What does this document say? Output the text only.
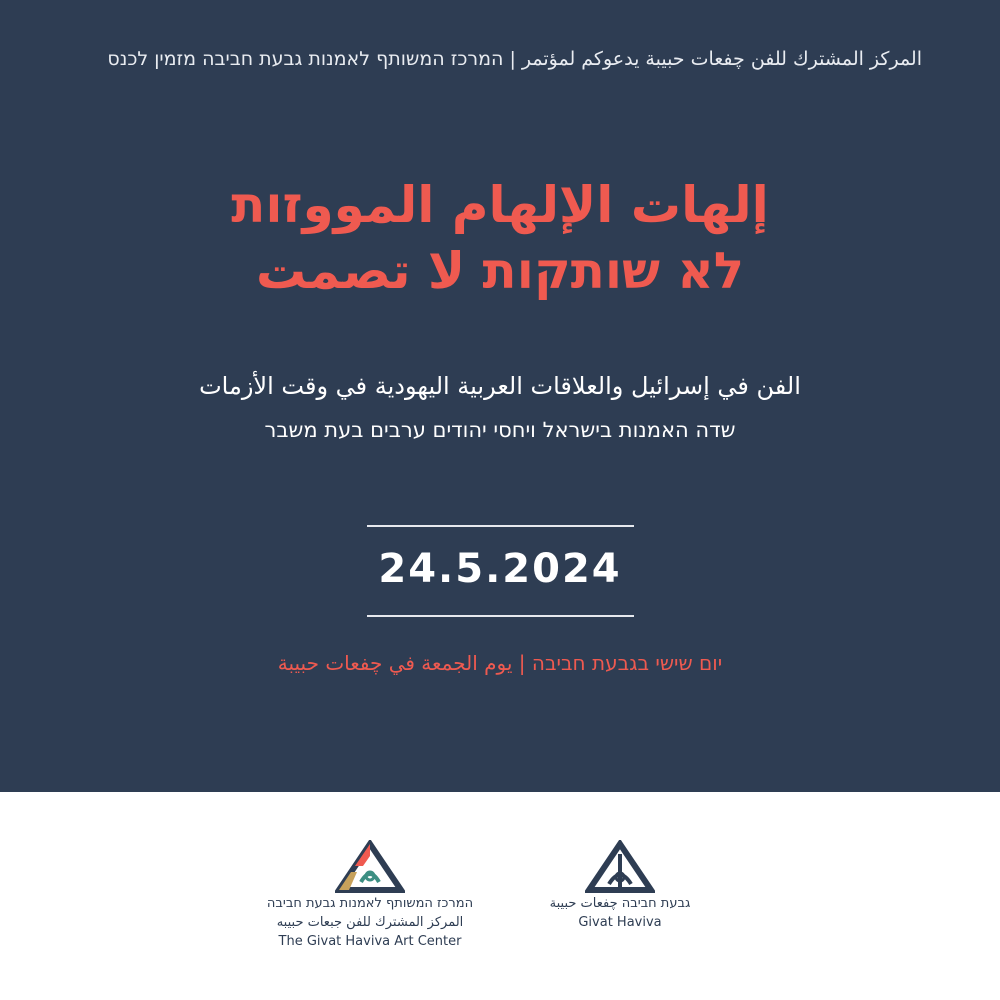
المركز المشترك للفن چفعات حبيبة يدعوكم لمؤتمر | המרכז המשותף לאמנות גבעת חביבה מזמין לכנס
إلهات الإلهام المووזות
לא שותקות لا تصمت
الفن في إسرائيل والعلاقات العربية اليهودية في وقت الأزمات
שדה האמנות בישראל ויחסי יהודים ערבים בעת משבר
24.5.2024
יום שישי בגבעת חביבה | يوم الجمعة في چفعات حبيبة
המרכז המשותף לאמנות גבעת חביבה
المركز المشترك للفن جبعات حبيبه
The Givat Haviva Art Center
גבעת חביבה چفعات حبيبة
Givat Haviva
